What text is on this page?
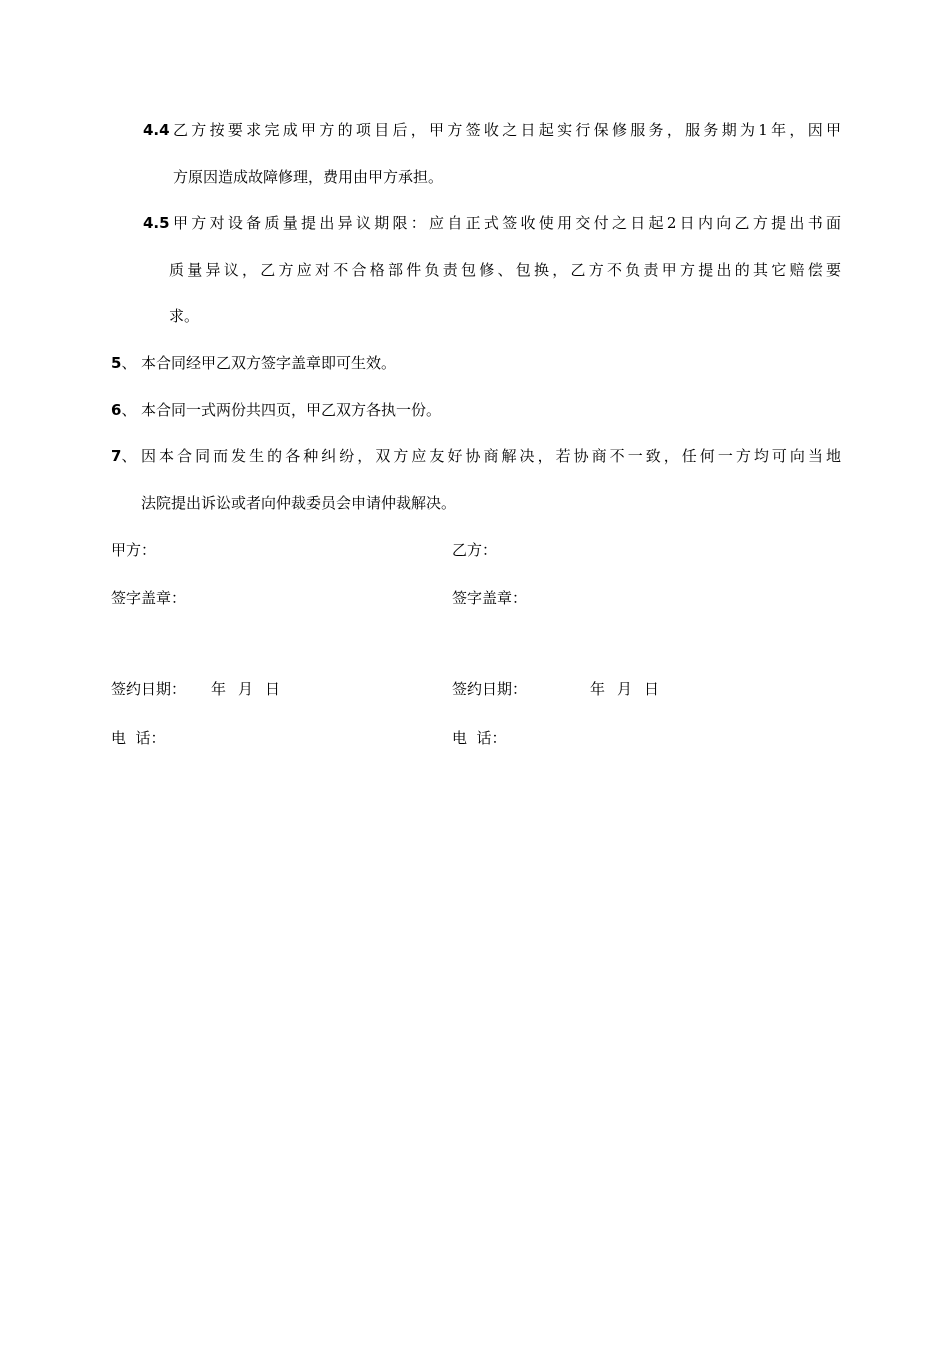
4.4 乙方按要求完成甲方的项目后，甲方签收之日起实行保修服务，服务期为1年，因甲
方原因造成故障修理，费用由甲方承担。
4.5 甲方对设备质量提出异议期限：应自正式签收使用交付之日起2日内向乙方提出书面
质量异议，乙方应对不合格部件负责包修、包换，乙方不负责甲方提出的其它赔偿要
求。
5、 本合同经甲乙双方签字盖章即可生效。
6、 本合同一式两份共四页，甲乙双方各执一份。
7、 因本合同而发生的各种纠纷，双方应友好协商解决，若协商不一致，任何一方均可向当地
法院提出诉讼或者向仲裁委员会申请仲裁解决。
甲方：
签字盖章：
签约日期： 年 月 日
电  话：
乙方：
签字盖章：
签约日期：	年 月 日
电  话：
